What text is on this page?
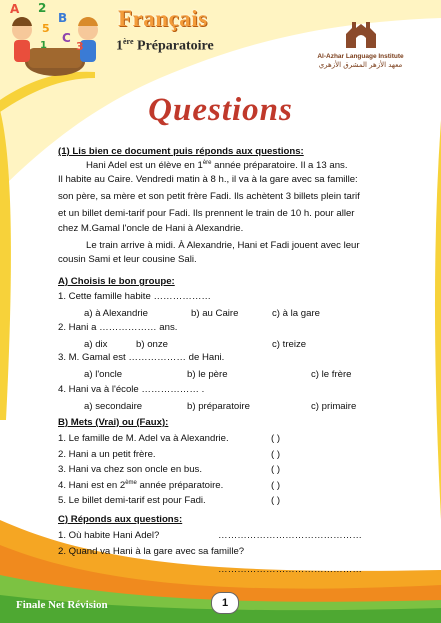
A 2
B
5
C
3
1
Français
1ère Préparatoire
Al-Azhar Language Institute
معهد الأزهر المشرق الأزهري
Questions
(1) Lis bien ce document puis réponds aux questions:
Hani Adel est un élève en 1ère année préparatoire. Il a 13 ans.
Il habite au Caire. Vendredi matin à 8 h., il va à la gare avec sa famille:
son père, sa mère et son petit frère Fadi. Ils achètent 3 billets plein tarif
et un billet demi-tarif pour Fadi. Ils prennent le train de 10 h. pour aller
chez M.Gamal l'oncle de Hani à Alexandrie.
Le train arrive à midi. À Alexandrie, Hani et Fadi jouent avec leur
cousin Sami et leur cousine Sali.
A) Choisis le bon groupe:
1. Cette famille habite ………………
a) à Alexandrie	b) au Caire	c) à la gare
2. Hani a ……………… ans.
a) dix	b) onze	c) treize
3. M. Gamal est ……………… de Hani.
a) l'oncle	b) le père	c) le frère
4. Hani va à l'école ……………… .
a) secondaire	b) préparatoire	c) primaire
B) Mets (Vrai) ou (Faux):
1. Le famille de M. Adel va à Alexandrie.	( )
2. Hani a un petit frère.	( )
3. Hani va chez son oncle en bus.	( )
4. Hani est en 2ème année préparatoire.	( )
5. Le billet demi-tarif est pour Fadi.	( )
C) Réponds aux questions:
1. Où habite Hani Adel?	………………………………………
2. Quand va Hani à la gare avec sa famille?
………………………………………
Finale Net Révision	1
